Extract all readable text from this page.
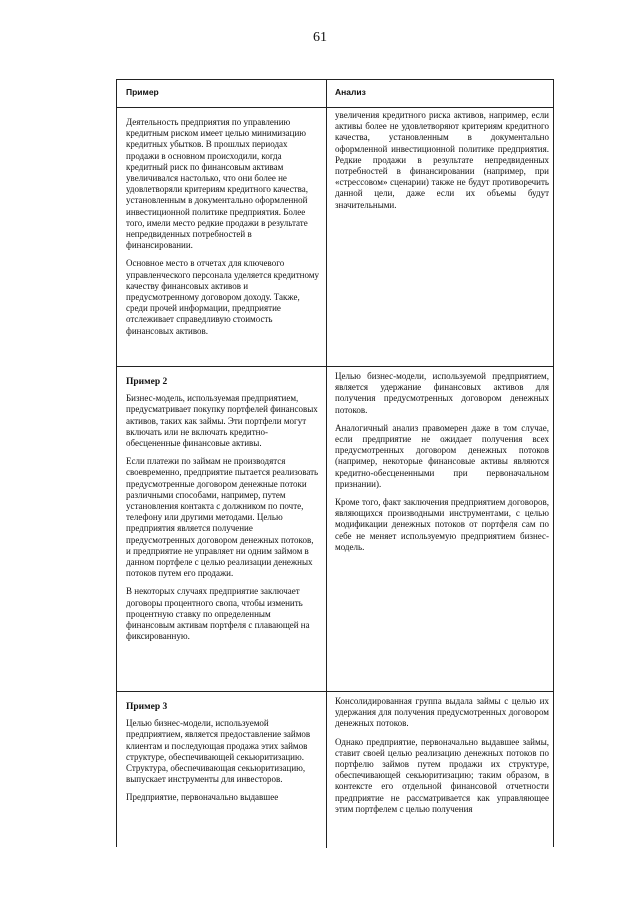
61
Пример	Анализ

Деятельность предприятия по управлению кредитным риском имеет целью минимизацию кредитных убытков. В прошлых периодах продажи в основном происходили, когда кредитный риск по финансовым активам увеличивался настолько, что они более не удовлетворяли критериям кредитного качества, установленным в документально оформленной инвестиционной политике предприятия. Более того, имели место редкие продажи в результате непредвиденных потребностей в финансировании.

Основное место в отчетах для ключевого управленческого персонала уделяется кредитному качеству финансовых активов и предусмотренному договором доходу. Также, среди прочей информации, предприятие отслеживает справедливую стоимость финансовых активов.

увеличения кредитного риска активов, например, если активы более не удовлетворяют критериям кредитного качества, установленным в документально оформленной инвестиционной политике предприятия. Редкие продажи в результате непредвиденных потребностей в финансировании (например, при «стрессовом» сценарии) также не будут противоречить данной цели, даже если их объемы будут значительными.

Пример 2

Бизнес-модель, используемая предприятием, предусматривает покупку портфелей финансовых активов, таких как займы. Эти портфели могут включать или не включать кредитно-обесцененные финансовые активы.

Если платежи по займам не производятся своевременно, предприятие пытается реализовать предусмотренные договором денежные потоки различными способами, например, путем установления контакта с должником по почте, телефону или другими методами. Целью предприятия является получение предусмотренных договором денежных потоков, и предприятие не управляет ни одним займом в данном портфеле с целью реализации денежных потоков путем его продажи.

В некоторых случаях предприятие заключает договоры процентного свопа, чтобы изменить процентную ставку по определенным финансовым активам портфеля с плавающей на фиксированную.

Целью бизнес-модели, используемой предприятием, является удержание финансовых активов для получения предусмотренных договором денежных потоков.

Аналогичный анализ правомерен даже в том случае, если предприятие не ожидает получения всех предусмотренных договором денежных потоков (например, некоторые финансовые активы являются кредитно-обесцененными при первоначальном признании).

Кроме того, факт заключения предприятием договоров, являющихся производными инструментами, с целью модификации денежных потоков от портфеля сам по себе не меняет используемую предприятием бизнес-модель.

Пример 3

Целью бизнес-модели, используемой предприятием, является предоставление займов клиентам и последующая продажа этих займов структуре, обеспечивающей секьюритизацию. Структура, обеспечивающая секьюритизацию, выпускает инструменты для инвесторов.

Предприятие, первоначально выдавшее

Консолидированная группа выдала займы с целью их удержания для получения предусмотренных договором денежных потоков.

Однако предприятие, первоначально выдавшее займы, ставит своей целью реализацию денежных потоков по портфелю займов путем продажи их структуре, обеспечивающей секьюритизацию; таким образом, в контексте его отдельной финансовой отчетности предприятие не рассматривается как управляющее этим портфелем с целью получения
